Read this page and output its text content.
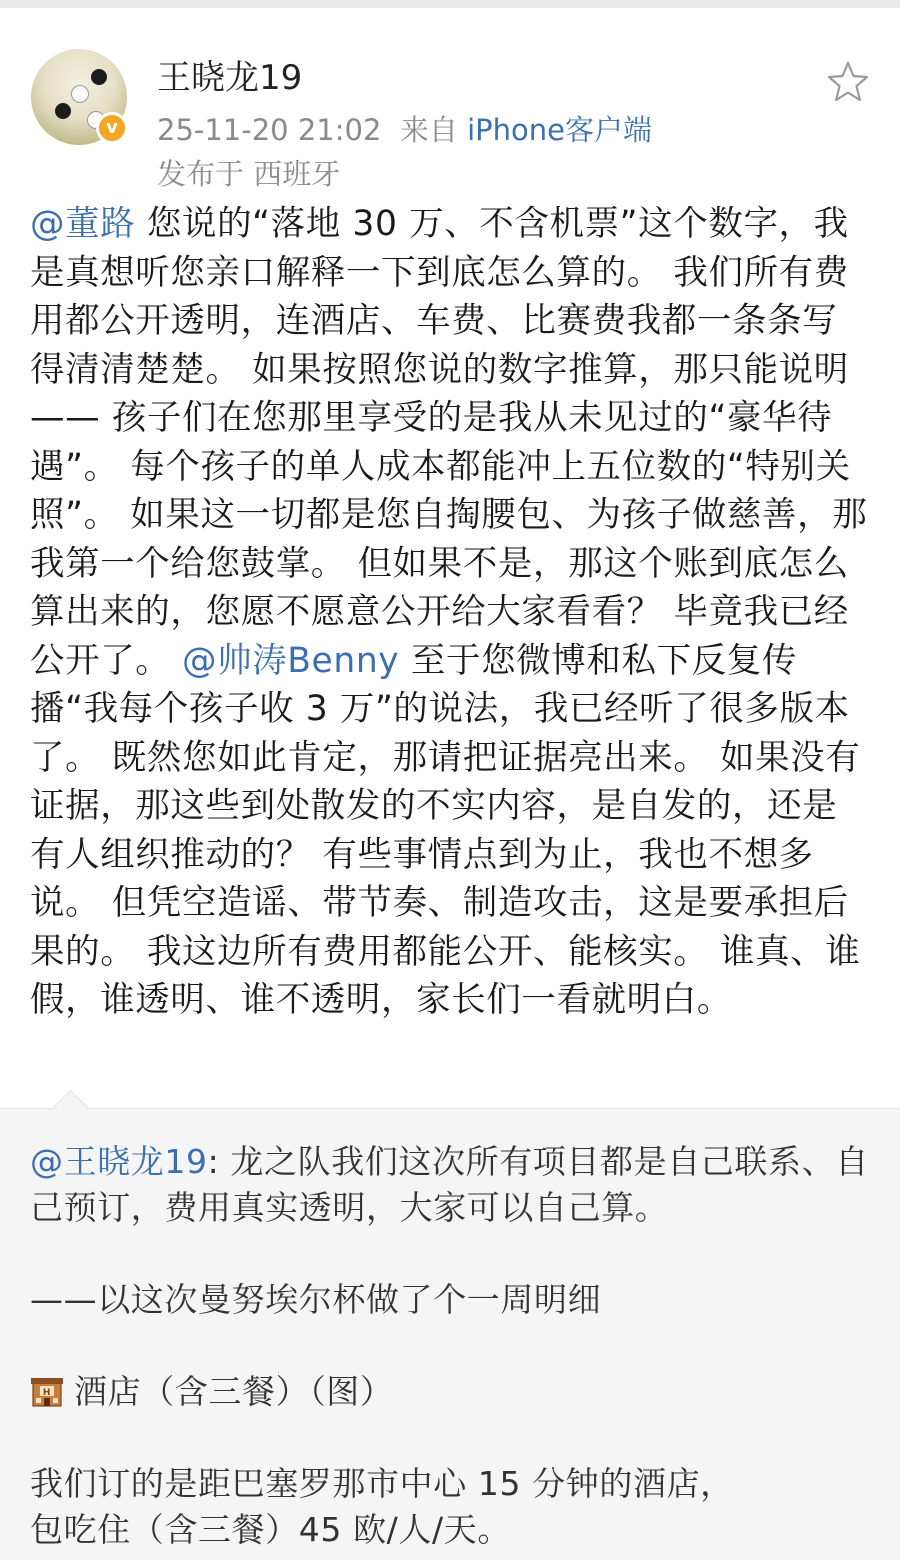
v
王晓龙19
25-11-20 21:02 来自 iPhone客户端
发布于 西班牙

@董路 您说的“落地 30 万、不含机票”这个数字，我是真想听您亲口解释一下到底怎么算的。 我们所有费用都公开透明，连酒店、车费、比赛费我都一条条写得清清楚楚。 如果按照您说的数字推算，那只能说明—— 孩子们在您那里享受的是我从未见过的“豪华待遇”。 每个孩子的单人成本都能冲上五位数的“特别关照”。 如果这一切都是您自掏腰包、为孩子做慈善，那我第一个给您鼓掌。 但如果不是，那这个账到底怎么算出来的，您愿不愿意公开给大家看看？ 毕竟我已经公开了。 @帅涛Benny 至于您微博和私下反复传播“我每个孩子收 3 万”的说法，我已经听了很多版本了。 既然您如此肯定，那请把证据亮出来。 如果没有证据，那这些到处散发的不实内容，是自发的，还是有人组织推动的？ 有些事情点到为止，我也不想多说。 但凭空造谣、带节奏、制造攻击，这是要承担后果的。 我这边所有费用都能公开、能核实。 谁真、谁假，谁透明、谁不透明，家长们一看就明白。

@王晓龙19: 龙之队我们这次所有项目都是自己联系、自己预订，费用真实透明，大家可以自己算。

——以这次曼努埃尔杯做了个一周明细

H 酒店（含三餐）（图）

我们订的是距巴塞罗那市中心 15 分钟的酒店，

包吃住（含三餐）45 欧/人/天。
